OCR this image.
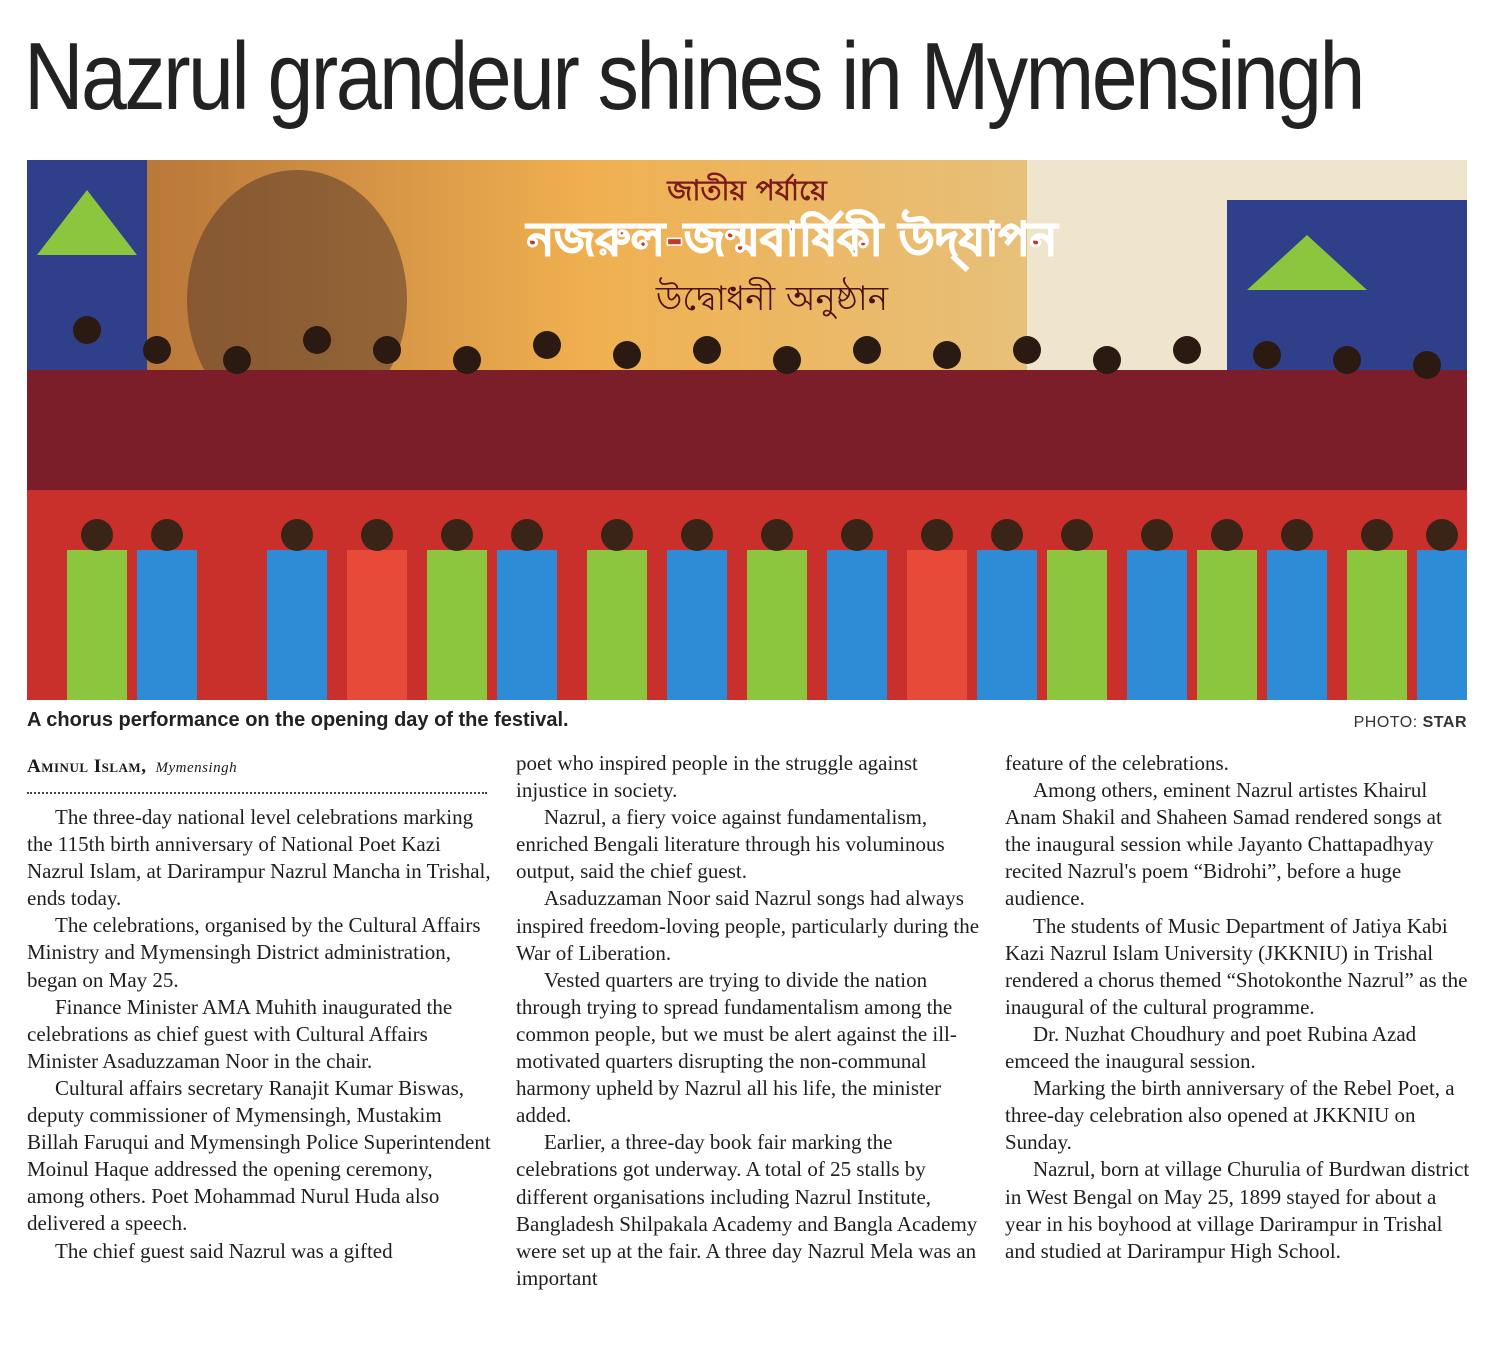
Nazrul grandeur shines in Mymensingh
জাতীয় পর্যায়ে
নজরুল-জন্মবার্ষিকী উদ্‌যাপন
উদ্বোধনী অনুষ্ঠান
A chorus performance on the opening day of the festival.	PHOTO: STAR
Aminul Islam, Mymensingh

The three-day national level celebrations marking the 115th birth anniversary of National Poet Kazi Nazrul Islam, at Darirampur Nazrul Mancha in Trishal, ends today.

The celebrations, organised by the Cultural Affairs Ministry and Mymensingh District administration, began on May 25.

Finance Minister AMA Muhith inaugurated the celebrations as chief guest with Cultural Affairs Minister Asaduzzaman Noor in the chair.

Cultural affairs secretary Ranajit Kumar Biswas, deputy commissioner of Mymensingh, Mustakim Billah Faruqui and Mymensingh Police Superintendent Moinul Haque addressed the opening ceremony, among others. Poet Mohammad Nurul Huda also delivered a speech.

The chief guest said Nazrul was a gifted

poet who inspired people in the struggle against injustice in society.

Nazrul, a fiery voice against fundamentalism, enriched Bengali literature through his voluminous output, said the chief guest.

Asaduzzaman Noor said Nazrul songs had always inspired freedom-loving people, particularly during the War of Liberation.

Vested quarters are trying to divide the nation through trying to spread fundamentalism among the common people, but we must be alert against the ill-motivated quarters disrupting the non-communal harmony upheld by Nazrul all his life, the minister added.

Earlier, a three-day book fair marking the celebrations got underway. A total of 25 stalls by different organisations including Nazrul Institute, Bangladesh Shilpakala Academy and Bangla Academy were set up at the fair. A three day Nazrul Mela was an important

feature of the celebrations.

Among others, eminent Nazrul artistes Khairul Anam Shakil and Shaheen Samad rendered songs at the inaugural session while Jayanto Chattapadhyay recited Nazrul's poem “Bidrohi”, before a huge audience.

The students of Music Department of Jatiya Kabi Kazi Nazrul Islam University (JKKNIU) in Trishal rendered a chorus themed “Shotokonthe Nazrul” as the inaugural of the cultural programme.

Dr. Nuzhat Choudhury and poet Rubina Azad emceed the inaugural session.

Marking the birth anniversary of the Rebel Poet, a three-day celebration also opened at JKKNIU on Sunday.

Nazrul, born at village Churulia of Burdwan district in West Bengal on May 25, 1899 stayed for about a year in his boyhood at village Darirampur in Trishal and studied at Darirampur High School.
